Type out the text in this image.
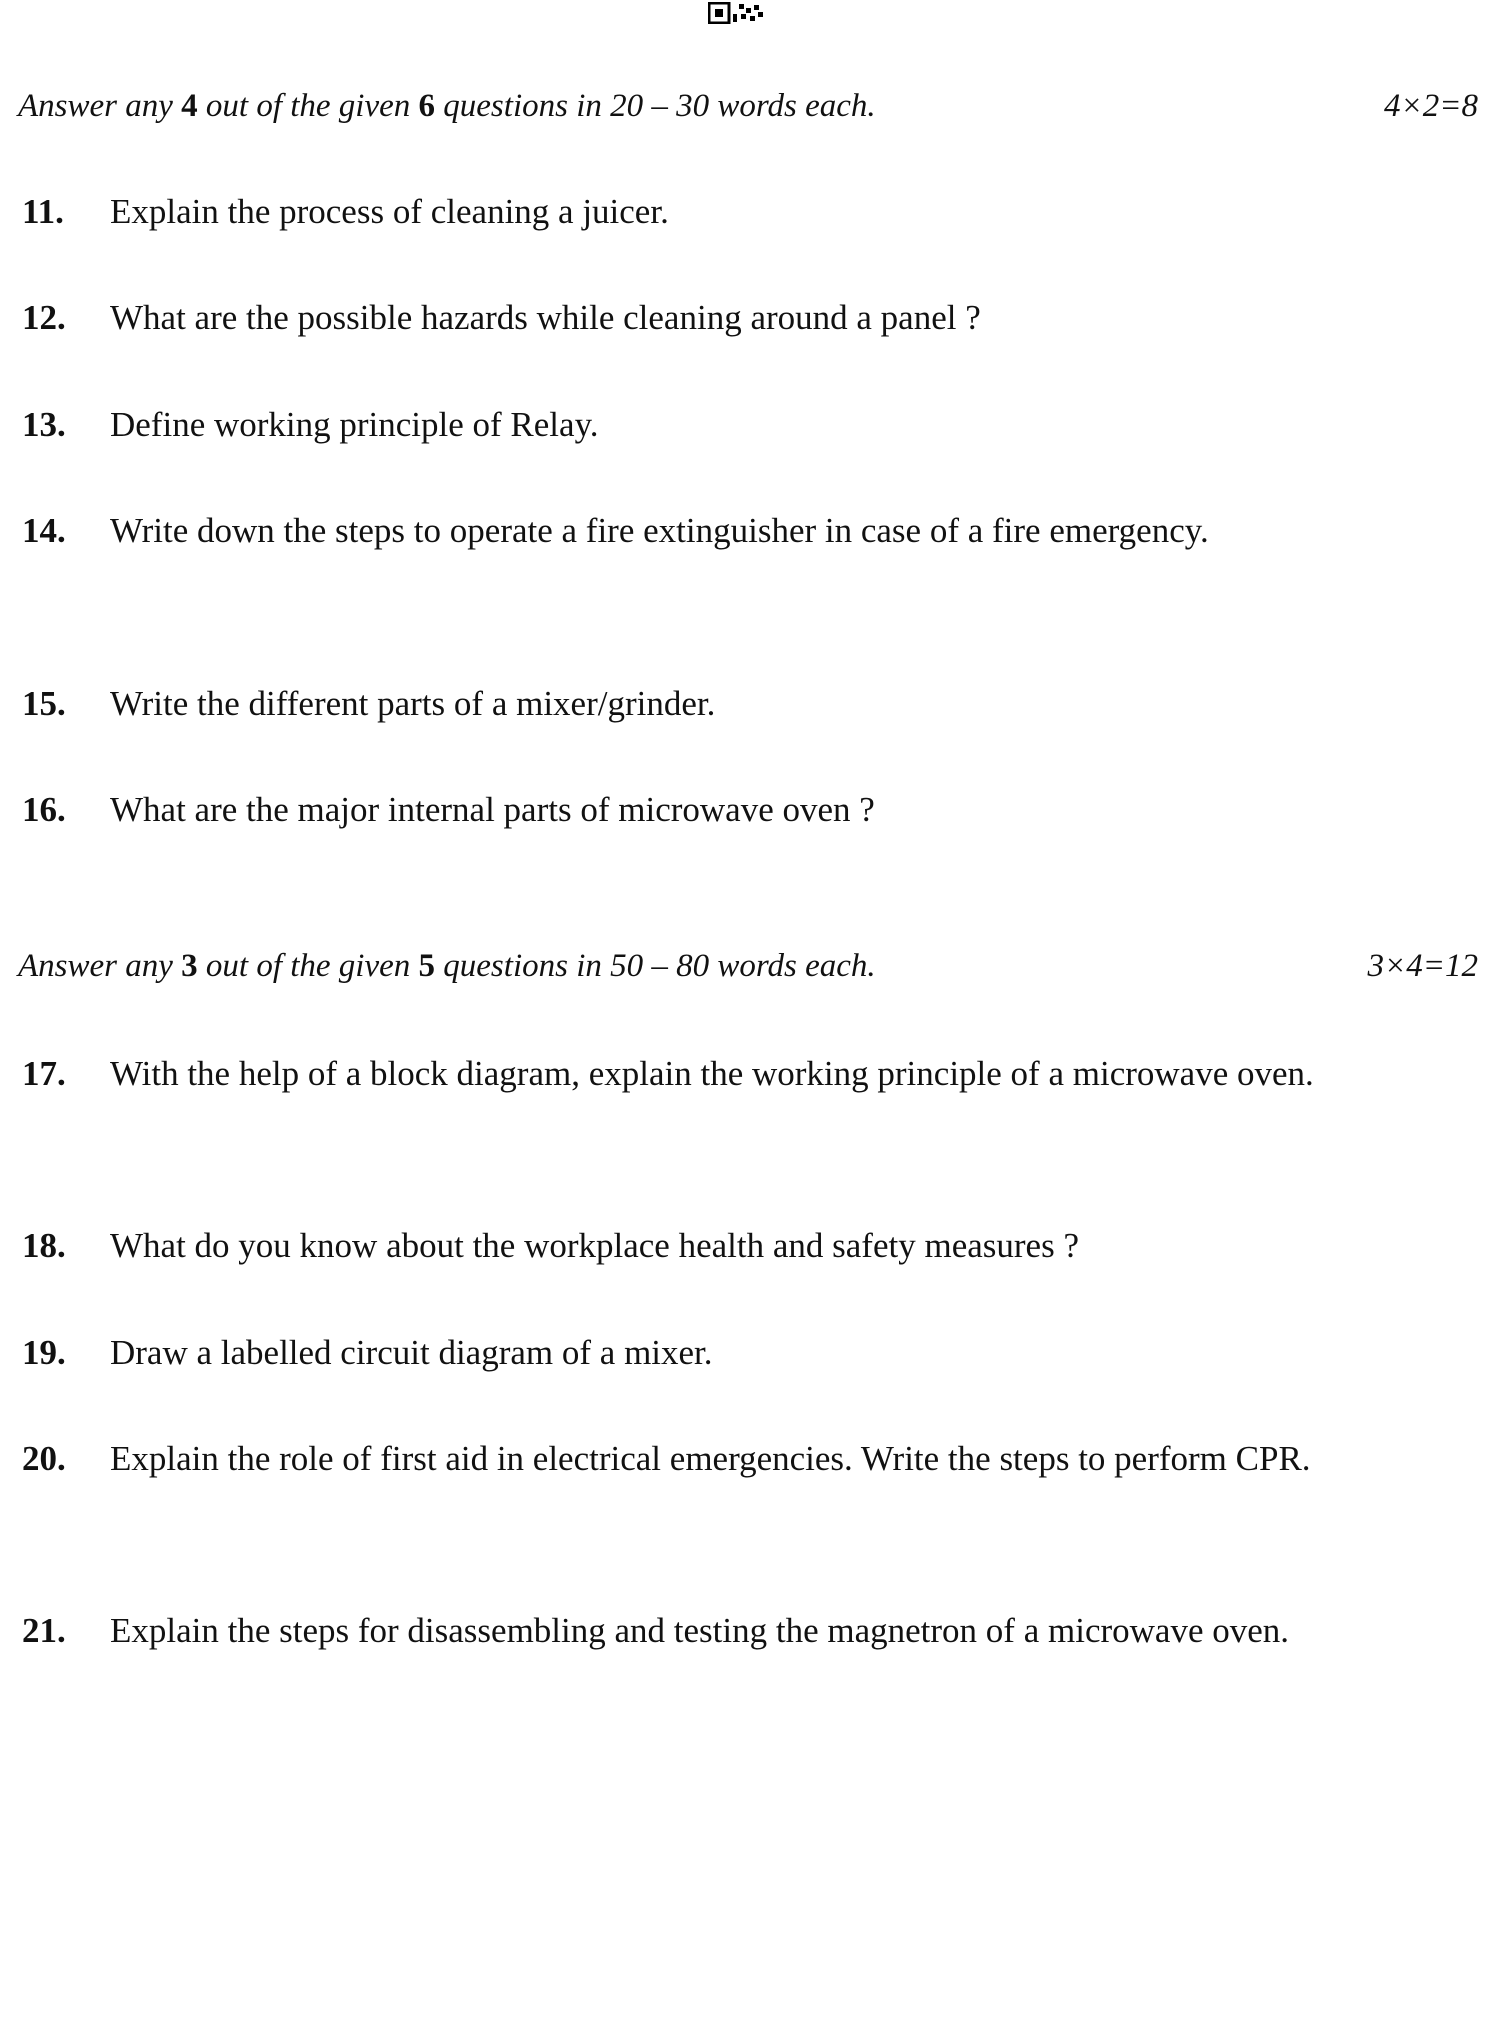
Answer any 4 out of the given 6 questions in 20 – 30 words each.	4×2=8
11. Explain the process of cleaning a juicer.
12. What are the possible hazards while cleaning around a panel ?
13. Define working principle of Relay.
14. Write down the steps to operate a fire extinguisher in case of a fire emergency.
15. Write the different parts of a mixer/grinder.
16. What are the major internal parts of microwave oven ?
Answer any 3 out of the given 5 questions in 50 – 80 words each.	3×4=12
17. With the help of a block diagram, explain the working principle of a microwave oven.
18. What do you know about the workplace health and safety measures ?
19. Draw a labelled circuit diagram of a mixer.
20. Explain the role of first aid in electrical emergencies. Write the steps to perform CPR.
21. Explain the steps for disassembling and testing the magnetron of a microwave oven.
